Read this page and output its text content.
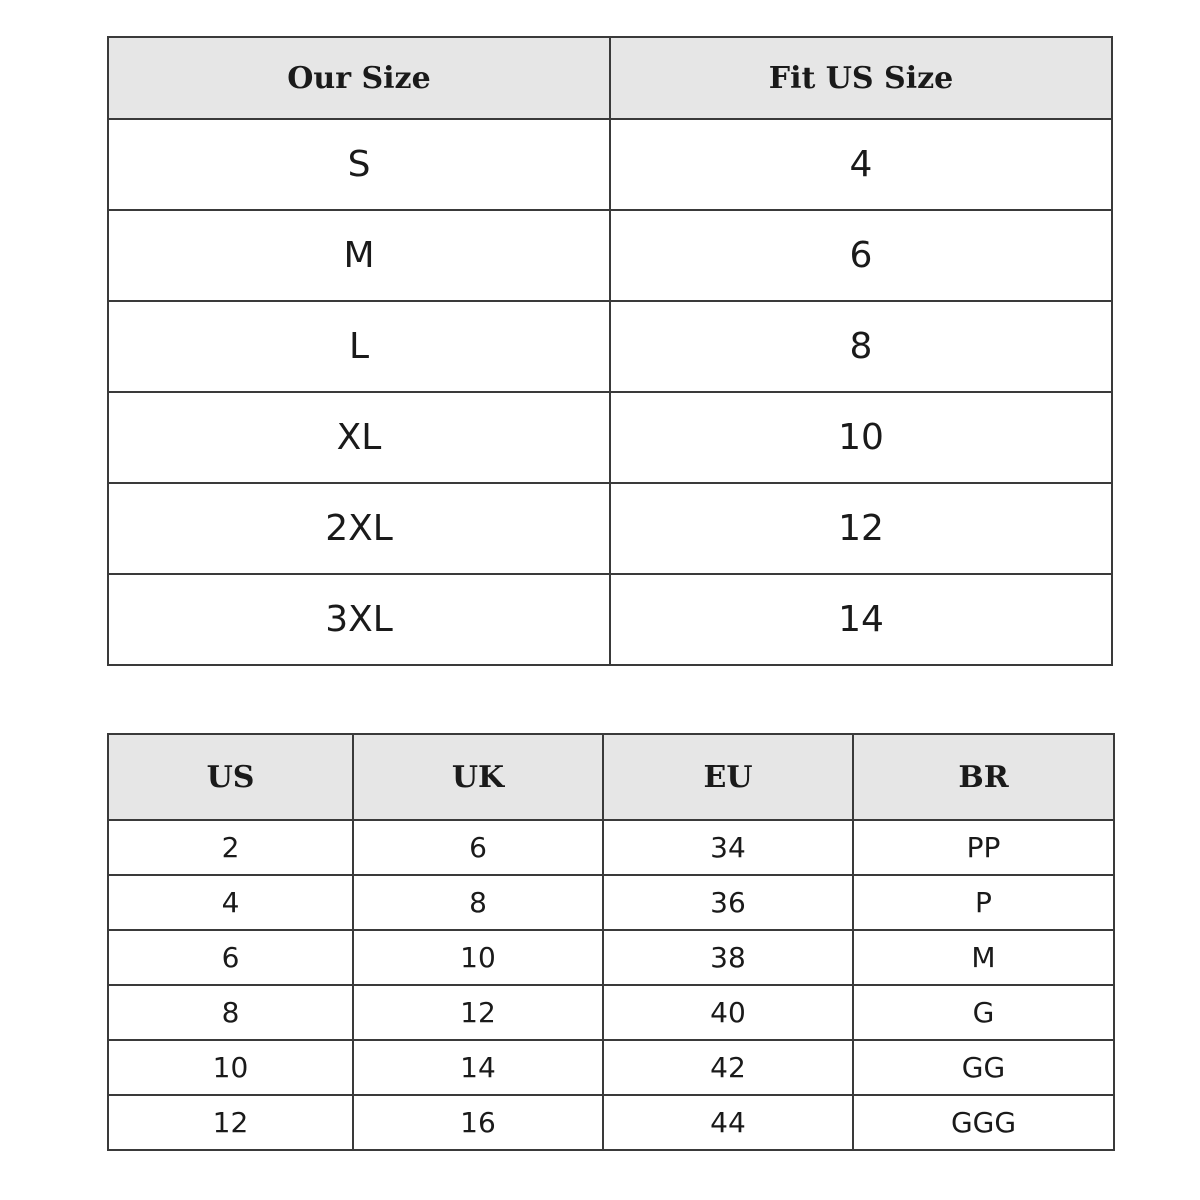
Our Size	Fit US Size
S	4
M	6
L	8
XL	10
2XL	12
3XL	14
US	UK	EU	BR
2	6	34	PP
4	8	36	P
6	10	38	M
8	12	40	G
10	14	42	GG
12	16	44	GGG
